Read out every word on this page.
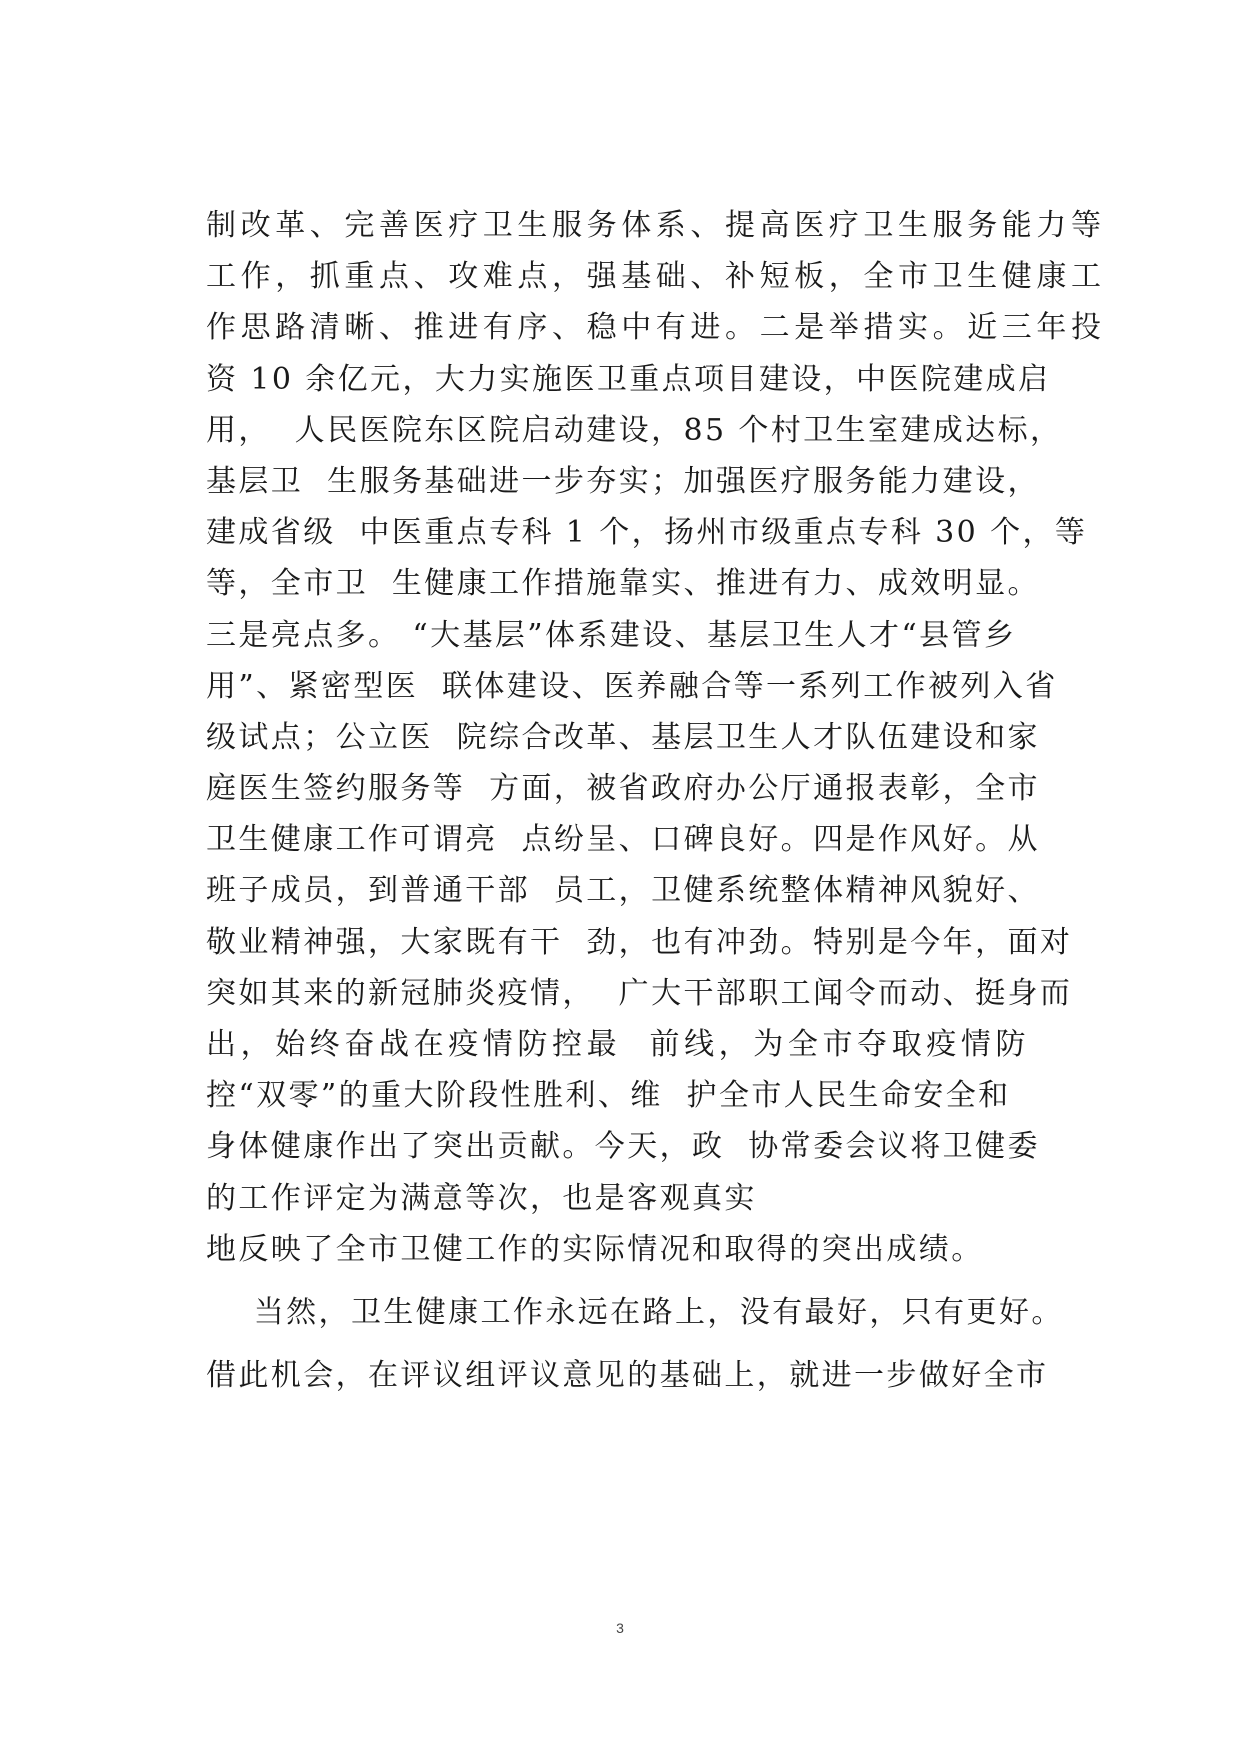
制改革、完善医疗卫生服务体系、提高医疗卫生服务能力等
工作，抓重点、攻难点，强基础、补短板，全市卫生健康工
作思路清晰、推进有序、稳中有进。二是举措实。近三年投
资 10 余亿元，大力实施医卫重点项目建设，中医院建成启
用，  人民医院东区院启动建设，85 个村卫生室建成达标，
基层卫  生服务基础进一步夯实；加强医疗服务能力建设，
建成省级  中医重点专科 1 个，扬州市级重点专科 30 个，等
等，全市卫  生健康工作措施靠实、推进有力、成效明显。
三是亮点多。 “大基层”体系建设、基层卫生人才“县管乡
用”、紧密型医  联体建设、医养融合等一系列工作被列入省
级试点；公立医  院综合改革、基层卫生人才队伍建设和家
庭医生签约服务等  方面，被省政府办公厅通报表彰，全市
卫生健康工作可谓亮  点纷呈、口碑良好。四是作风好。从
班子成员，到普通干部  员工，卫健系统整体精神风貌好、
敬业精神强，大家既有干  劲，也有冲劲。特别是今年，面对
突如其来的新冠肺炎疫情，  广大干部职工闻令而动、挺身而
出，始终奋战在疫情防控最  前线，为全市夺取疫情防
控“双零”的重大阶段性胜利、维  护全市人民生命安全和
身体健康作出了突出贡献。今天，政  协常委会议将卫健委
的工作评定为满意等次，也是客观真实
地反映了全市卫健工作的实际情况和取得的突出成绩。
当然，卫生健康工作永远在路上，没有最好，只有更好。
借此机会，在评议组评议意见的基础上，就进一步做好全市
3
